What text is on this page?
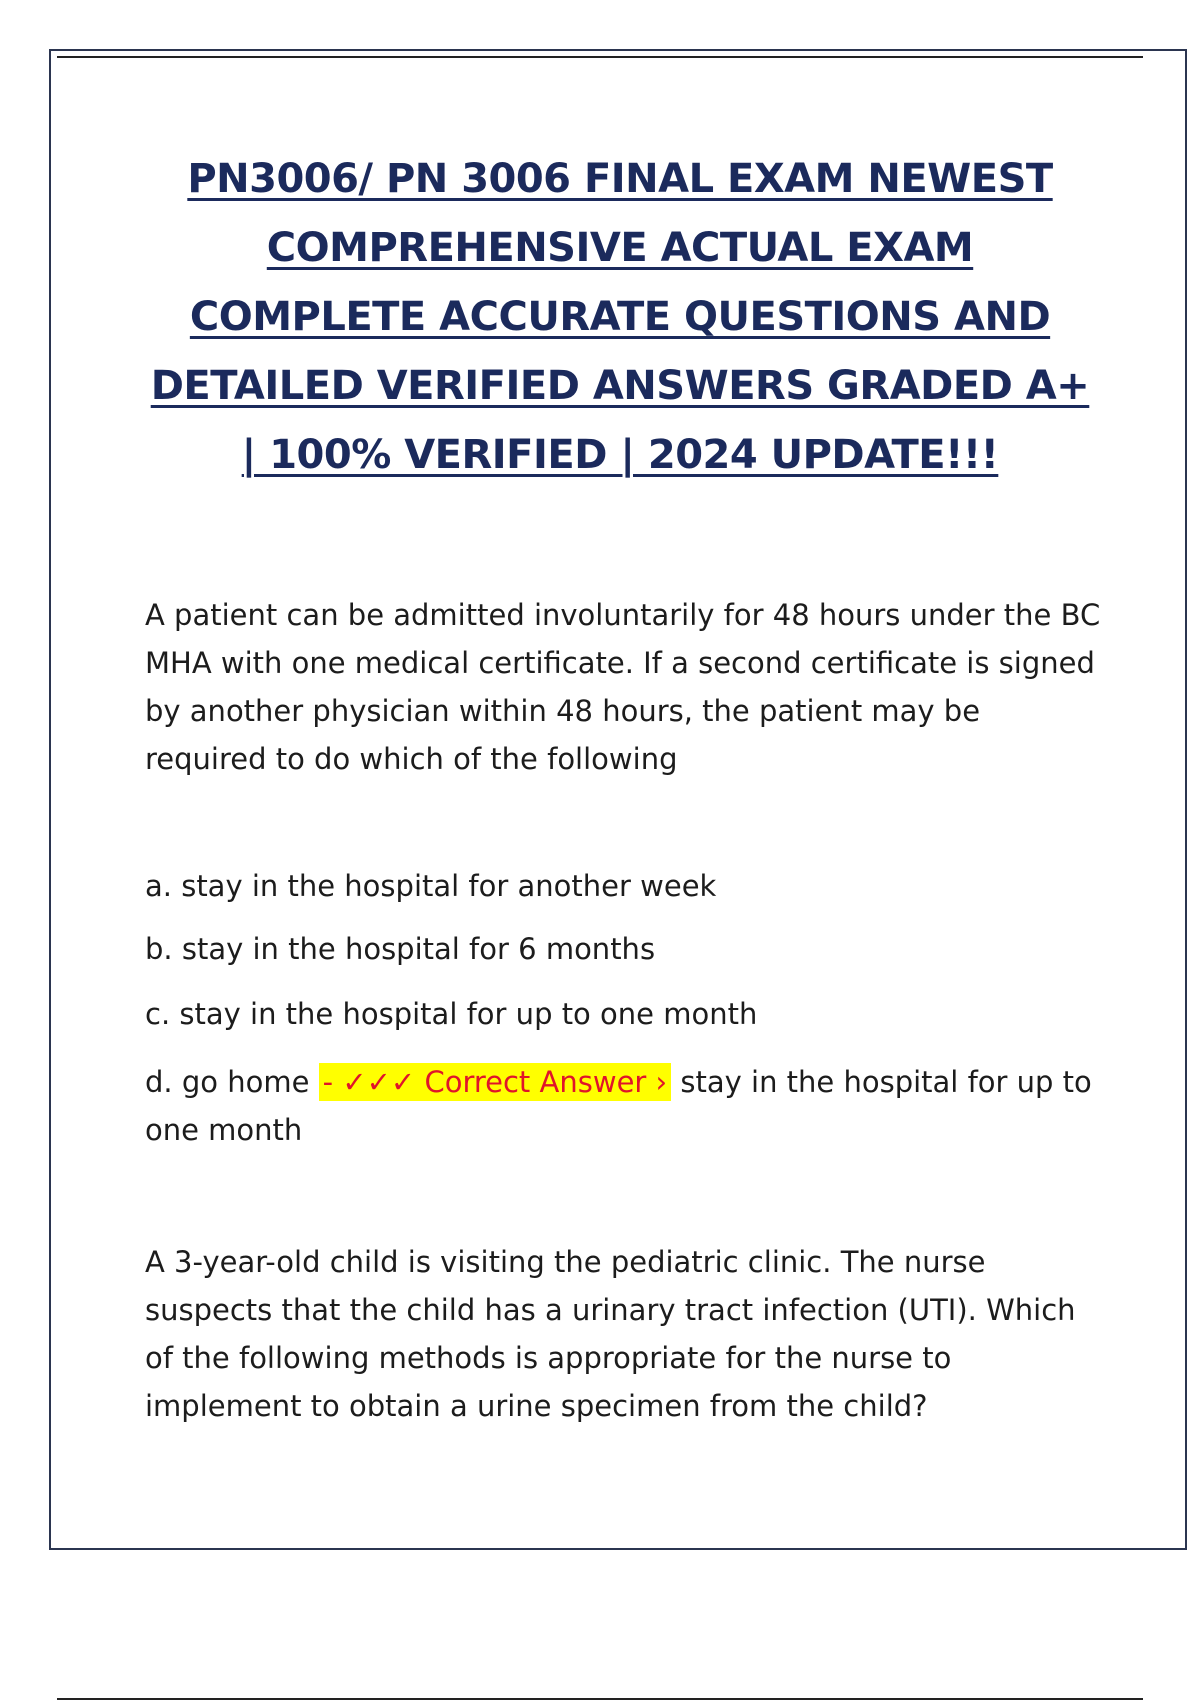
PN3006/ PN 3006 FINAL EXAM NEWEST
COMPREHENSIVE ACTUAL EXAM
COMPLETE ACCURATE QUESTIONS AND
DETAILED VERIFIED ANSWERS GRADED A+
| 100% VERIFIED | 2024 UPDATE!!!
A patient can be admitted involuntarily for 48 hours under the BC MHA with one medical certificate. If a second certificate is signed by another physician within 48 hours, the patient may be required to do which of the following
a. stay in the hospital for another week
b. stay in the hospital for 6 months
c. stay in the hospital for up to one month
d. go home - ✓✓✓ Correct Answer › stay in the hospital for up to one month
A 3-year-old child is visiting the pediatric clinic. The nurse suspects that the child has a urinary tract infection (UTI). Which of the following methods is appropriate for the nurse to implement to obtain a urine specimen from the child?
